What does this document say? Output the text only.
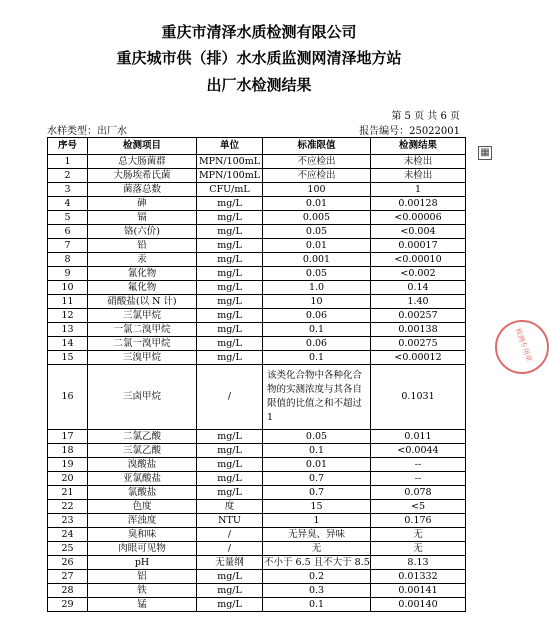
重庆市清泽水质检测有限公司
重庆城市供（排）水水质监测网清泽地方站
出厂水检测结果
第 5 页 共 6 页
水样类型：出厂水	报告编号：25022001
序号	检测项目	单位	标准限值	检测结果
1	总大肠菌群	MPN/100mL	不应检出	未检出
2	大肠埃希氏菌	MPN/100mL	不应检出	未检出
3	菌落总数	CFU/mL	100	1
4	砷	mg/L	0.01	0.00128
5	镉	mg/L	0.005	<0.00006
6	铬(六价)	mg/L	0.05	<0.004
7	铅	mg/L	0.01	0.00017
8	汞	mg/L	0.001	<0.00010
9	氰化物	mg/L	0.05	<0.002
10	氟化物	mg/L	1.0	0.14
11	硝酸盐(以 N 计)	mg/L	10	1.40
12	三氯甲烷	mg/L	0.06	0.00257
13	一氯二溴甲烷	mg/L	0.1	0.00138
14	二氯一溴甲烷	mg/L	0.06	0.00275
15	三溴甲烷	mg/L	0.1	<0.00012
16	三卤甲烷	/	该类化合物中各种化合物的实测浓度与其各自限值的比值之和不超过1	0.1031
17	二氯乙酸	mg/L	0.05	0.011
18	三氯乙酸	mg/L	0.1	<0.0044
19	溴酸盐	mg/L	0.01	--
20	亚氯酸盐	mg/L	0.7	--
21	氯酸盐	mg/L	0.7	0.078
22	色度	度	15	<5
23	浑浊度	NTU	1	0.176
24	臭和味	/	无异臭、异味	无
25	肉眼可见物	/	无	无
26	pH	无量纲	不小于 6.5 且不大于 8.5	8.13
27	铝	mg/L	0.2	0.01332
28	铁	mg/L	0.3	0.00141
29	锰	mg/L	0.1	0.00140
▦
检测专用章
